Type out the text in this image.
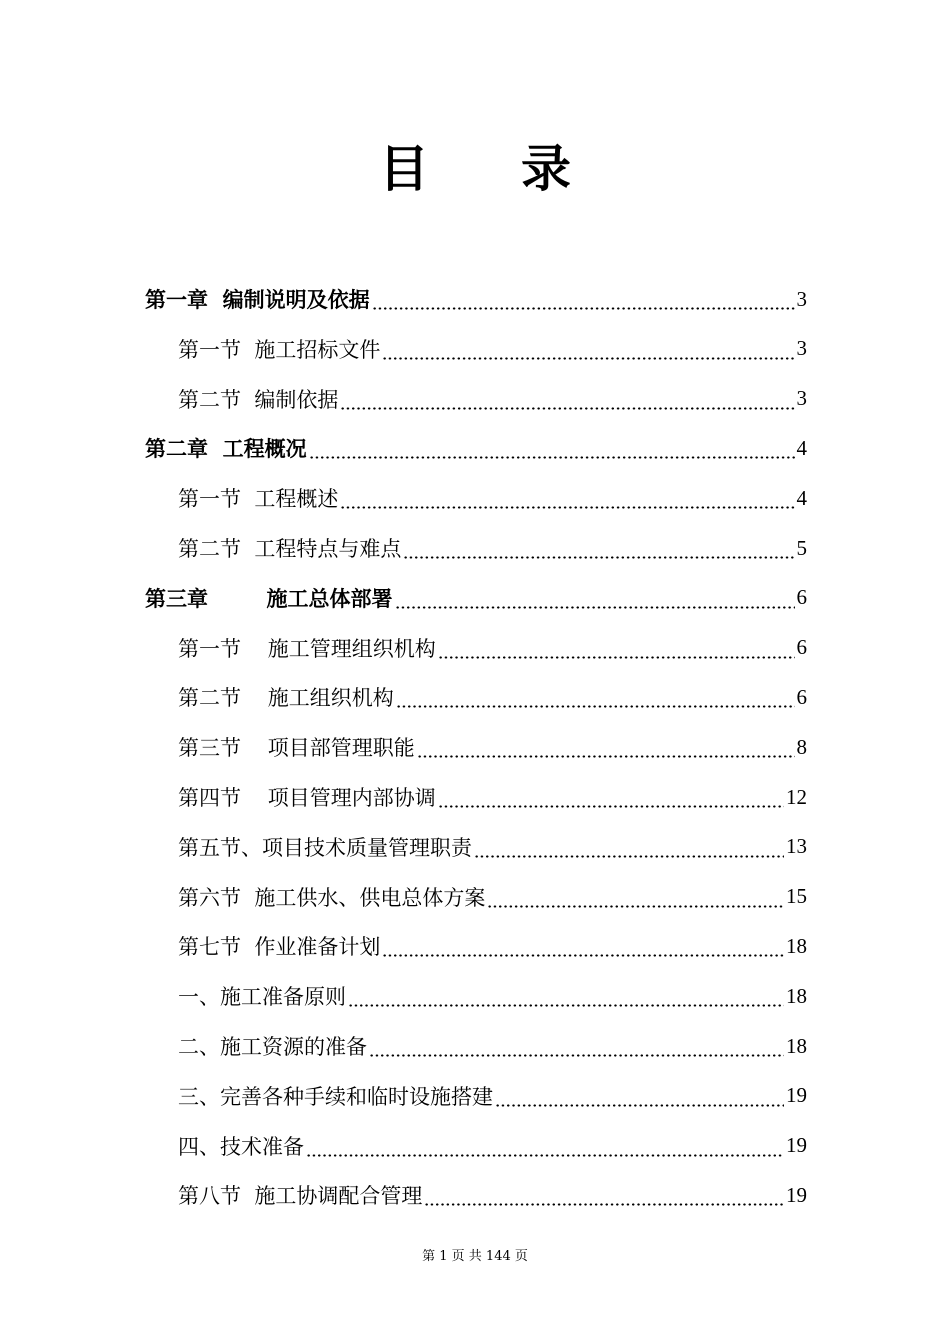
目 录
第一章  编制说明及依据	3
第一节  施工招标文件	3
第二节  编制依据	3
第二章  工程概况	4
第一节  工程概述	4
第二节  工程特点与难点	5
第三章        施工总体部署	6
第一节    施工管理组织机构	6
第二节    施工组织机构	6
第三节    项目部管理职能	8
第四节    项目管理内部协调	12
第五节、项目技术质量管理职责	13
第六节  施工供水、供电总体方案	15
第七节  作业准备计划	18
一、施工准备原则	18
二、施工资源的准备	18
三、完善各种手续和临时设施搭建	19
四、技术准备	19
第八节  施工协调配合管理	19
第 1 页 共 144 页
